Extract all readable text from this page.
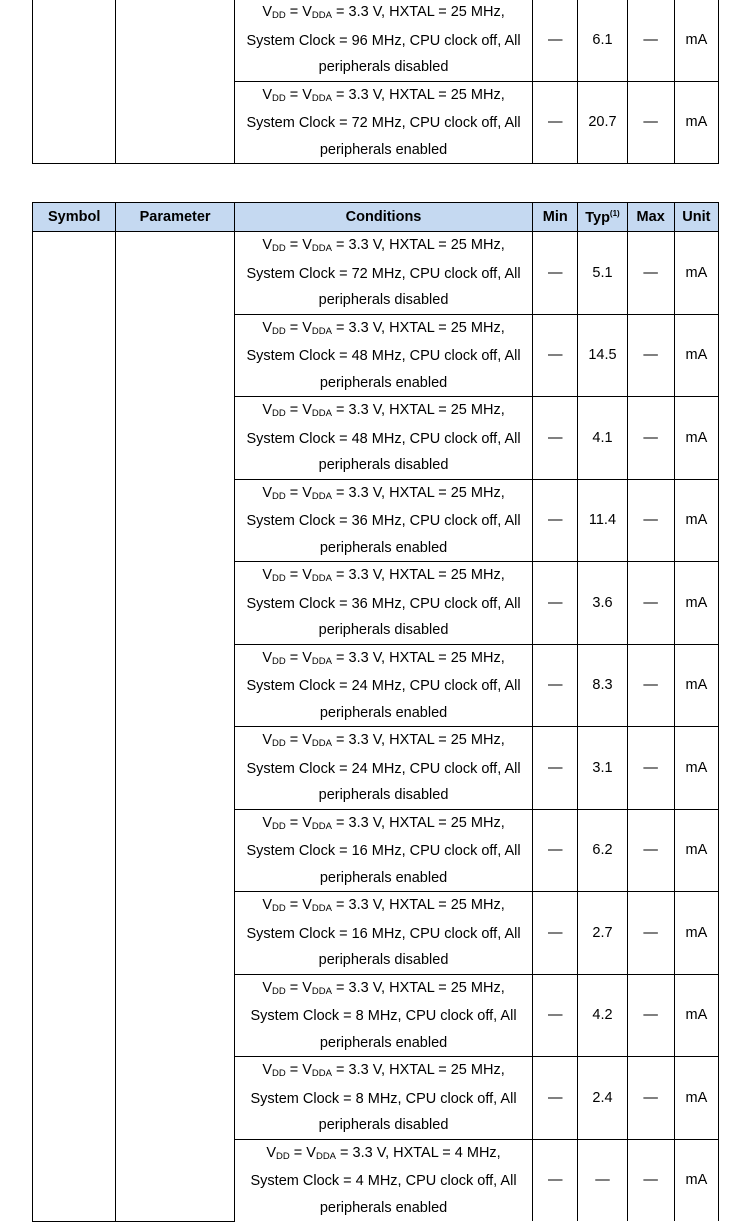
		$V_{DD} = V_{DDA} = 3.3$ V, HXTAL = 25 MHz,
System Clock = 96 MHz, CPU clock off, All
peripherals disabled	—	6.1	—	mA

		$V_{DD} = V_{DDA} = 3.3$ V, HXTAL = 25 MHz,
System Clock = 72 MHz, CPU clock off, All
peripherals enabled	—	20.7	—	mA
Symbol	Parameter	Conditions	Min	Typ$^{(1)}$	Max	Unit

		$V_{DD} = V_{DDA} = 3.3$ V, HXTAL = 25 MHz,
System Clock = 72 MHz, CPU clock off, All
peripherals disabled	—	5.1	—	mA

		$V_{DD} = V_{DDA} = 3.3$ V, HXTAL = 25 MHz,
System Clock = 48 MHz, CPU clock off, All
peripherals enabled	—	14.5	—	mA

		$V_{DD} = V_{DDA} = 3.3$ V, HXTAL = 25 MHz,
System Clock = 48 MHz, CPU clock off, All
peripherals disabled	—	4.1	—	mA

		$V_{DD} = V_{DDA} = 3.3$ V, HXTAL = 25 MHz,
System Clock = 36 MHz, CPU clock off, All
peripherals enabled	—	11.4	—	mA

		$V_{DD} = V_{DDA} = 3.3$ V, HXTAL = 25 MHz,
System Clock = 36 MHz, CPU clock off, All
peripherals disabled	—	3.6	—	mA

		$V_{DD} = V_{DDA} = 3.3$ V, HXTAL = 25 MHz,
System Clock = 24 MHz, CPU clock off, All
peripherals enabled	—	8.3	—	mA

		$V_{DD} = V_{DDA} = 3.3$ V, HXTAL = 25 MHz,
System Clock = 24 MHz, CPU clock off, All
peripherals disabled	—	3.1	—	mA

		$V_{DD} = V_{DDA} = 3.3$ V, HXTAL = 25 MHz,
System Clock = 16 MHz, CPU clock off, All
peripherals enabled	—	6.2	—	mA

		$V_{DD} = V_{DDA} = 3.3$ V, HXTAL = 25 MHz,
System Clock = 16 MHz, CPU clock off, All
peripherals disabled	—	2.7	—	mA

		$V_{DD} = V_{DDA} = 3.3$ V, HXTAL = 25 MHz,
System Clock = 8 MHz, CPU clock off, All
peripherals enabled	—	4.2	—	mA

		$V_{DD} = V_{DDA} = 3.3$ V, HXTAL = 25 MHz,
System Clock = 8 MHz, CPU clock off, All
peripherals disabled	—	2.4	—	mA

		$V_{DD} = V_{DDA} = 3.3$ V, HXTAL = 4 MHz,
System Clock = 4 MHz, CPU clock off, All
peripherals enabled	—	—	—	mA
